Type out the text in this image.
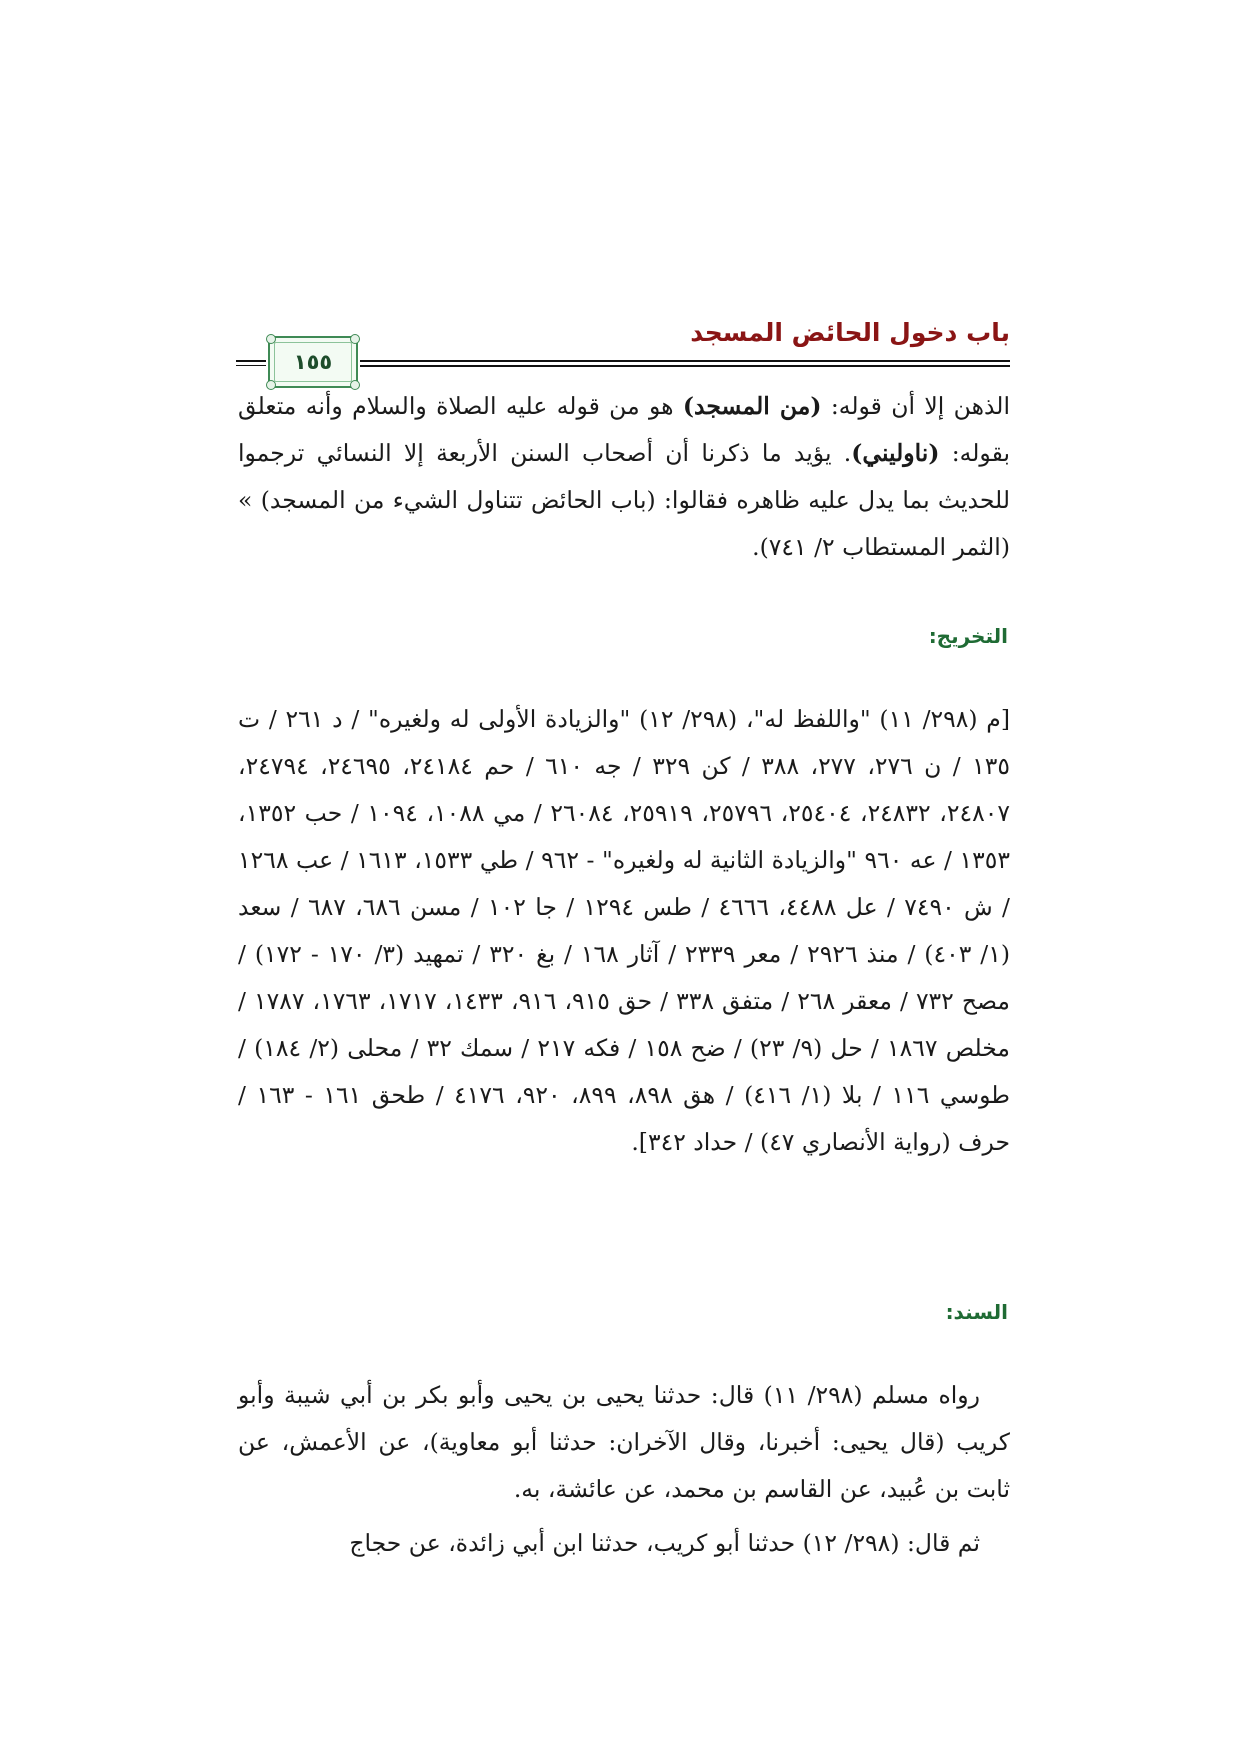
باب دخول الحائض المسجد
١٥٥

الذهن إلا أن قوله: (من المسجد) هو من قوله عليه الصلاة والسلام وأنه متعلق بقوله: (ناوليني). يؤيد ما ذكرنا أن أصحاب السنن الأربعة إلا النسائي ترجموا للحديث بما يدل عليه ظاهره فقالوا: (باب الحائض تتناول الشيء من المسجد) » (الثمر المستطاب ٢/ ٧٤١).

التخريج:

[م (٢٩٨/ ١١) "واللفظ له"، (٢٩٨/ ١٢) "والزيادة الأولى له ولغيره" / د ٢٦١ / ت ١٣٥ / ن ٢٧٦، ٢٧٧، ٣٨٨ / كن ٣٢٩ / جه ٦١٠ / حم ٢٤١٨٤، ٢٤٦٩٥، ٢٤٧٩٤، ٢٤٨٠٧، ٢٤٨٣٢، ٢٥٤٠٤، ٢٥٧٩٦، ٢٥٩١٩، ٢٦٠٨٤ / مي ١٠٨٨، ١٠٩٤ / حب ١٣٥٢، ١٣٥٣ / عه ٩٦٠ "والزيادة الثانية له ولغيره" - ٩٦٢ / طي ١٥٣٣، ١٦١٣ / عب ١٢٦٨ / ش ٧٤٩٠ / عل ٤٤٨٨، ٤٦٦٦ / طس ١٢٩٤ / جا ١٠٢ / مسن ٦٨٦، ٦٨٧ / سعد (١/ ٤٠٣) / منذ ٢٩٢٦ / معر ٢٣٣٩ / آثار ١٦٨ / بغ ٣٢٠ / تمهيد (٣/ ١٧٠ - ١٧٢) / مصح ٧٣٢ / معقر ٢٦٨ / متفق ٣٣٨ / حق ٩١٥، ٩١٦، ١٤٣٣، ١٧١٧، ١٧٦٣، ١٧٨٧ / مخلص ١٨٦٧ / حل (٩/ ٢٣) / ضح ١٥٨ / فكه ٢١٧ / سمك ٣٢ / محلى (٢/ ١٨٤) / طوسي ١١٦ / بلا (١/ ٤١٦) / هق ٨٩٨، ٨٩٩، ٩٢٠، ٤١٧٦ / طحق ١٦١ - ١٦٣ / حرف (رواية الأنصاري ٤٧) / حداد ٣٤٢].

السند:

رواه مسلم (٢٩٨/ ١١) قال: حدثنا يحيى بن يحيى وأبو بكر بن أبي شيبة وأبو كريب (قال يحيى: أخبرنا، وقال الآخران: حدثنا أبو معاوية)، عن الأعمش، عن ثابت بن عُبيد، عن القاسم بن محمد، عن عائشة، به.

ثم قال: (٢٩٨/ ١٢) حدثنا أبو كريب، حدثنا ابن أبي زائدة، عن حجاج
